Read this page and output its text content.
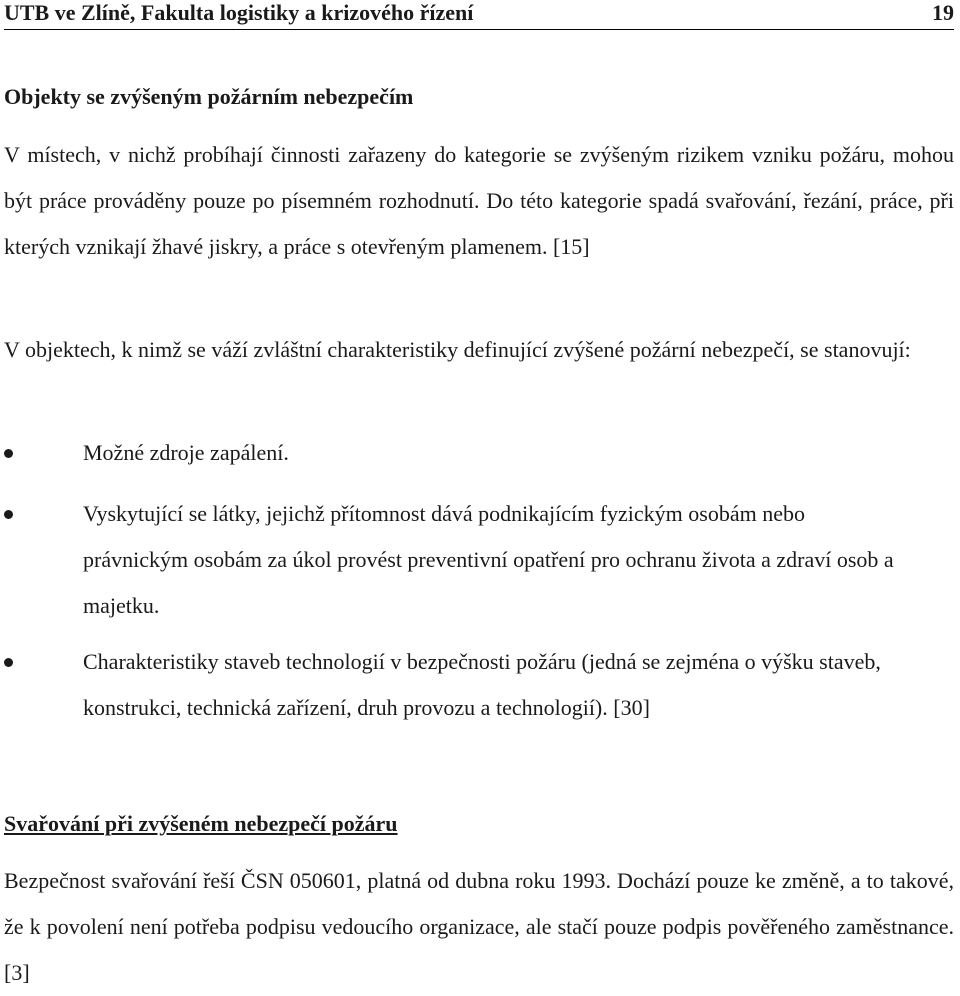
UTB ve Zlíně, Fakulta logistiky a krizového řízení	19
Objekty se zvýšeným požárním nebezpečím

V místech, v nichž probíhají činnosti zařazeny do kategorie se zvýšeným rizikem vzniku požáru, mohou být práce prováděny pouze po písemném rozhodnutí. Do této kategorie spadá svařování, řezání, práce, při kterých vznikají žhavé jiskry, a práce s otevřeným plamenem. [15]

V objektech, k nimž se váží zvláštní charakteristiky definující zvýšené požární nebezpečí, se stanovují:

Možné zdroje zapálení.

Vyskytující se látky, jejichž přítomnost dává podnikajícím fyzickým osobám nebo právnickým osobám za úkol provést preventivní opatření pro ochranu života a zdraví osob a majetku.

Charakteristiky staveb technologií v bezpečnosti požáru (jedná se zejména o výšku staveb, konstrukci, technická zařízení, druh provozu a technologií). [30]

Svařování při zvýšeném nebezpečí požáru

Bezpečnost svařování řeší ČSN 050601, platná od dubna roku 1993. Dochází pouze ke změně, a to takové, že k povolení není potřeba podpisu vedoucího organizace, ale stačí pouze podpis pověřeného zaměstnance. [3]
